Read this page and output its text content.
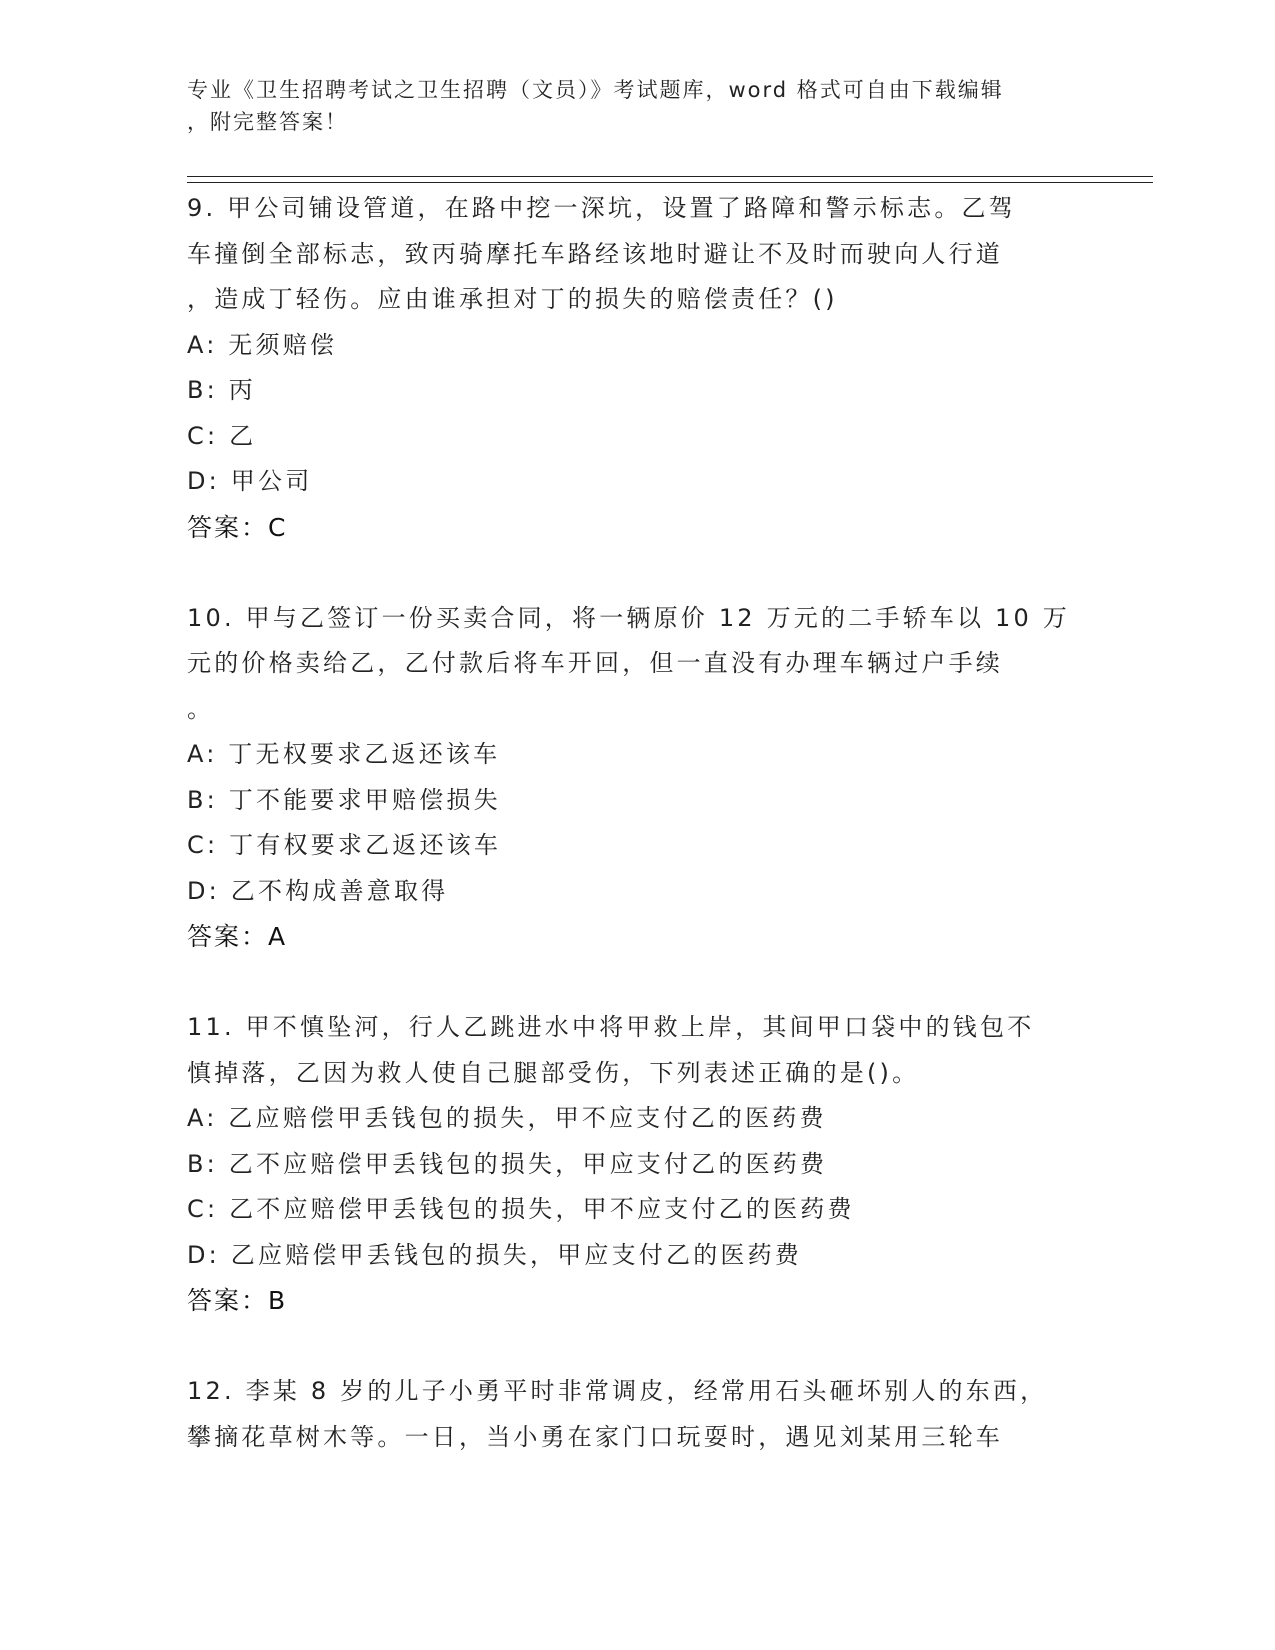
专业《卫生招聘考试之卫生招聘（文员）》考试题库，word 格式可自由下载编辑
，附完整答案！
9. 甲公司铺设管道，在路中挖一深坑，设置了路障和警示标志。乙驾
车撞倒全部标志，致丙骑摩托车路经该地时避让不及时而驶向人行道
，造成丁轻伤。应由谁承担对丁的损失的赔偿责任？()
A: 无须赔偿
B: 丙
C: 乙
D: 甲公司
答案：C
10. 甲与乙签订一份买卖合同，将一辆原价 12 万元的二手轿车以 10 万
元的价格卖给乙，乙付款后将车开回，但一直没有办理车辆过户手续
。
A: 丁无权要求乙返还该车
B: 丁不能要求甲赔偿损失
C: 丁有权要求乙返还该车
D: 乙不构成善意取得
答案：A
11. 甲不慎坠河，行人乙跳进水中将甲救上岸，其间甲口袋中的钱包不
慎掉落，乙因为救人使自己腿部受伤，下列表述正确的是()。
A: 乙应赔偿甲丢钱包的损失，甲不应支付乙的医药费
B: 乙不应赔偿甲丢钱包的损失，甲应支付乙的医药费
C: 乙不应赔偿甲丢钱包的损失，甲不应支付乙的医药费
D: 乙应赔偿甲丢钱包的损失，甲应支付乙的医药费
答案：B
12. 李某 8 岁的儿子小勇平时非常调皮，经常用石头砸坏别人的东西，
攀摘花草树木等。一日，当小勇在家门口玩耍时，遇见刘某用三轮车
